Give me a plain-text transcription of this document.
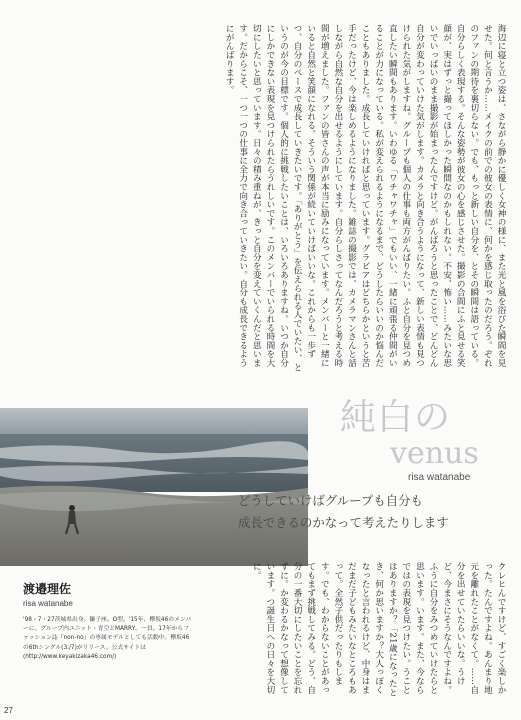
海辺に寝と立つ姿は、さながら静かに優しく女神の様に、また光と風を浴びた瞬間を見せた。何と言うか……メイクの前での彼女の表情に、何かを感じ取ったのだろう。ぞれのファンの期待を裏切らない。でも、もっと新しい自分を、とその瞬間は語っている。自分らしく表現する。そんな姿勢が彼女の心を感じさせた。撮影の合間にふと見せる笑顔が、実はずっと撮ってほしかった瞬間なのかもしれない。不安、怖い……みたいな思いでいっぱいのまま撮影が始まったんですけど。がんばろうと思ったことで、どんどん自分が変わっていけた気がします。カメラと向き合うようになって、新しい表情も見つけられた気がしますね。グループも個人の仕事も両方がんばりたい。ふと自分を見つめ直したい瞬間もあります。いわゆる「ワチャワチャ」でもいい、一緒に頑張る仲間がいることが力になっている。私が変えられるようになるまで、どうしたらいいのか悩んだこともありました。成長していければと思っています。グラビアはどちらかというと苦手だったけど、今は楽しめるようになりました。雑誌の撮影では、カメラマンさんと話しながら自然な自分を出せるようにしています。自分らしさってなんだろうと考える時間が増えました。ファンの皆さんの声が本当に励みになっています。メンバーと一緒にいると自然と笑顔になれる。そういう関係が続いていけばいいな。これからも一歩ずつ、自分のペースで成長していきたいです。「ありがとう」を伝えられる人でいたい、というのが今の目標です。個人的に挑戦したいことは、いろいろありますね。いつか自分にしかできない表現を見つけられたらうれしいです。このメンバーでいられる時間を大切にしたいと思っています。日々の積み重ねが、きっと自分を変えていくんだと思います。だからこそ、一つ一つの仕事に全力で向き合っていきたい。自分も成長できるようにがんばります。
純白の
venus
risa watanabe
どうしていけばグループも自分も
成長できるのかなって考えたりします
クレヒんですけど、すごく楽しかった。たんですよね。あんまり地元を離れたことがなくて。……自分を出せていたらいいな。うけど、今まさにそうなんですよね。ふうに自分をみつめていけたらと思います。います。また、今ならではの表現を見つけたい。うことはありますか？「21歳になったとき、何か思いますか？大人っぽくなったと言われるけど、中身はまだまだ子どもみたいなところもあって。全然子供だったりもします。でも、わからないことがあってもまず挑戦してみる。どう、自分の一番大切にしたいことを忘れずに。か変わるかなって想像しています。つ誕生日への日々を大切に。
渡邉理佐
risa watanabe
'98・7・27茨城県出身。獅子座。O型。'15年、欅坂46のメンバーに。グループ内ユニット・青空とMARRY。一員。17年からファッション誌『non-no』の専属モデルとしても活動中。欅坂46の6thシングル(3./7)がリリース。公式サイトは(http://www.keyakizaka46.com/)
27
